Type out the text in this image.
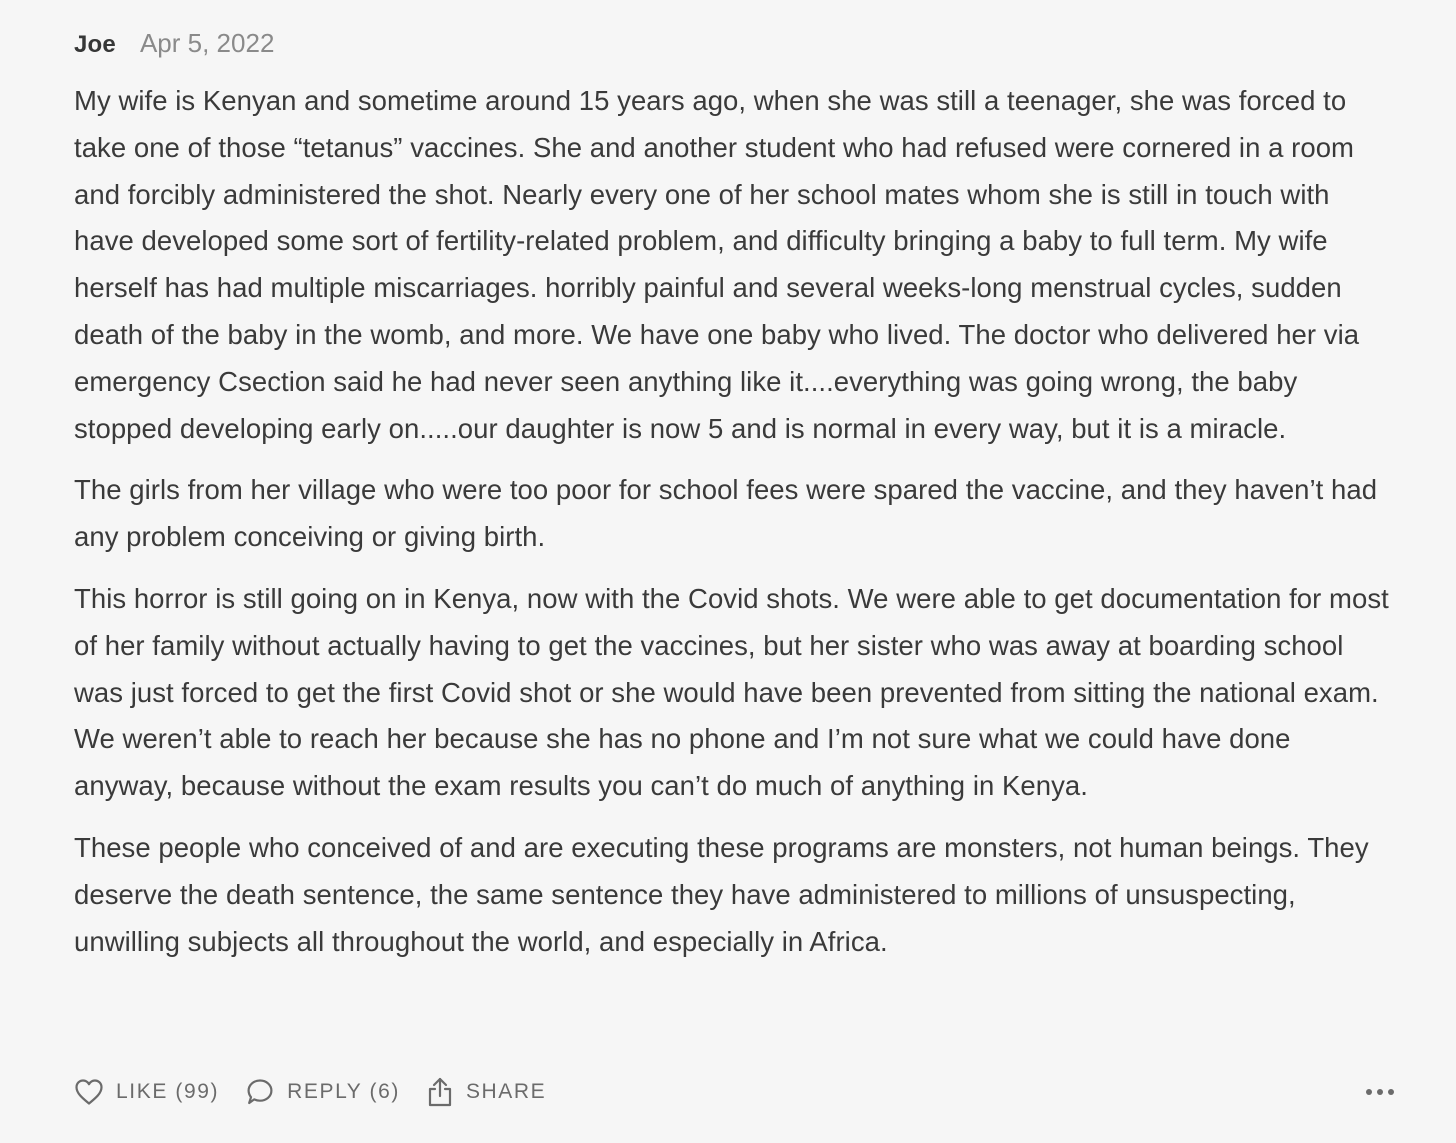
Joe Apr 5, 2022

My wife is Kenyan and sometime around 15 years ago, when she was still a teenager, she was forced to take one of those “tetanus” vaccines. She and another student who had refused were cornered in a room and forcibly administered the shot. Nearly every one of her school mates whom she is still in touch with have developed some sort of fertility-related problem, and difficulty bringing a baby to full term. My wife herself has had multiple miscarriages. horribly painful and several weeks-long menstrual cycles, sudden death of the baby in the womb, and more. We have one baby who lived. The doctor who delivered her via emergency Csection said he had never seen anything like it....everything was going wrong, the baby stopped developing early on.....our daughter is now 5 and is normal in every way, but it is a miracle.

The girls from her village who were too poor for school fees were spared the vaccine, and they haven’t had any problem conceiving or giving birth.

This horror is still going on in Kenya, now with the Covid shots. We were able to get documentation for most of her family without actually having to get the vaccines, but her sister who was away at boarding school was just forced to get the first Covid shot or she would have been prevented from sitting the national exam. We weren’t able to reach her because she has no phone and I’m not sure what we could have done anyway, because without the exam results you can’t do much of anything in Kenya.

These people who conceived of and are executing these programs are monsters, not human beings. They deserve the death sentence, the same sentence they have administered to millions of unsuspecting, unwilling subjects all throughout the world, and especially in Africa.

LIKE (99)	REPLY (6)	SHARE
